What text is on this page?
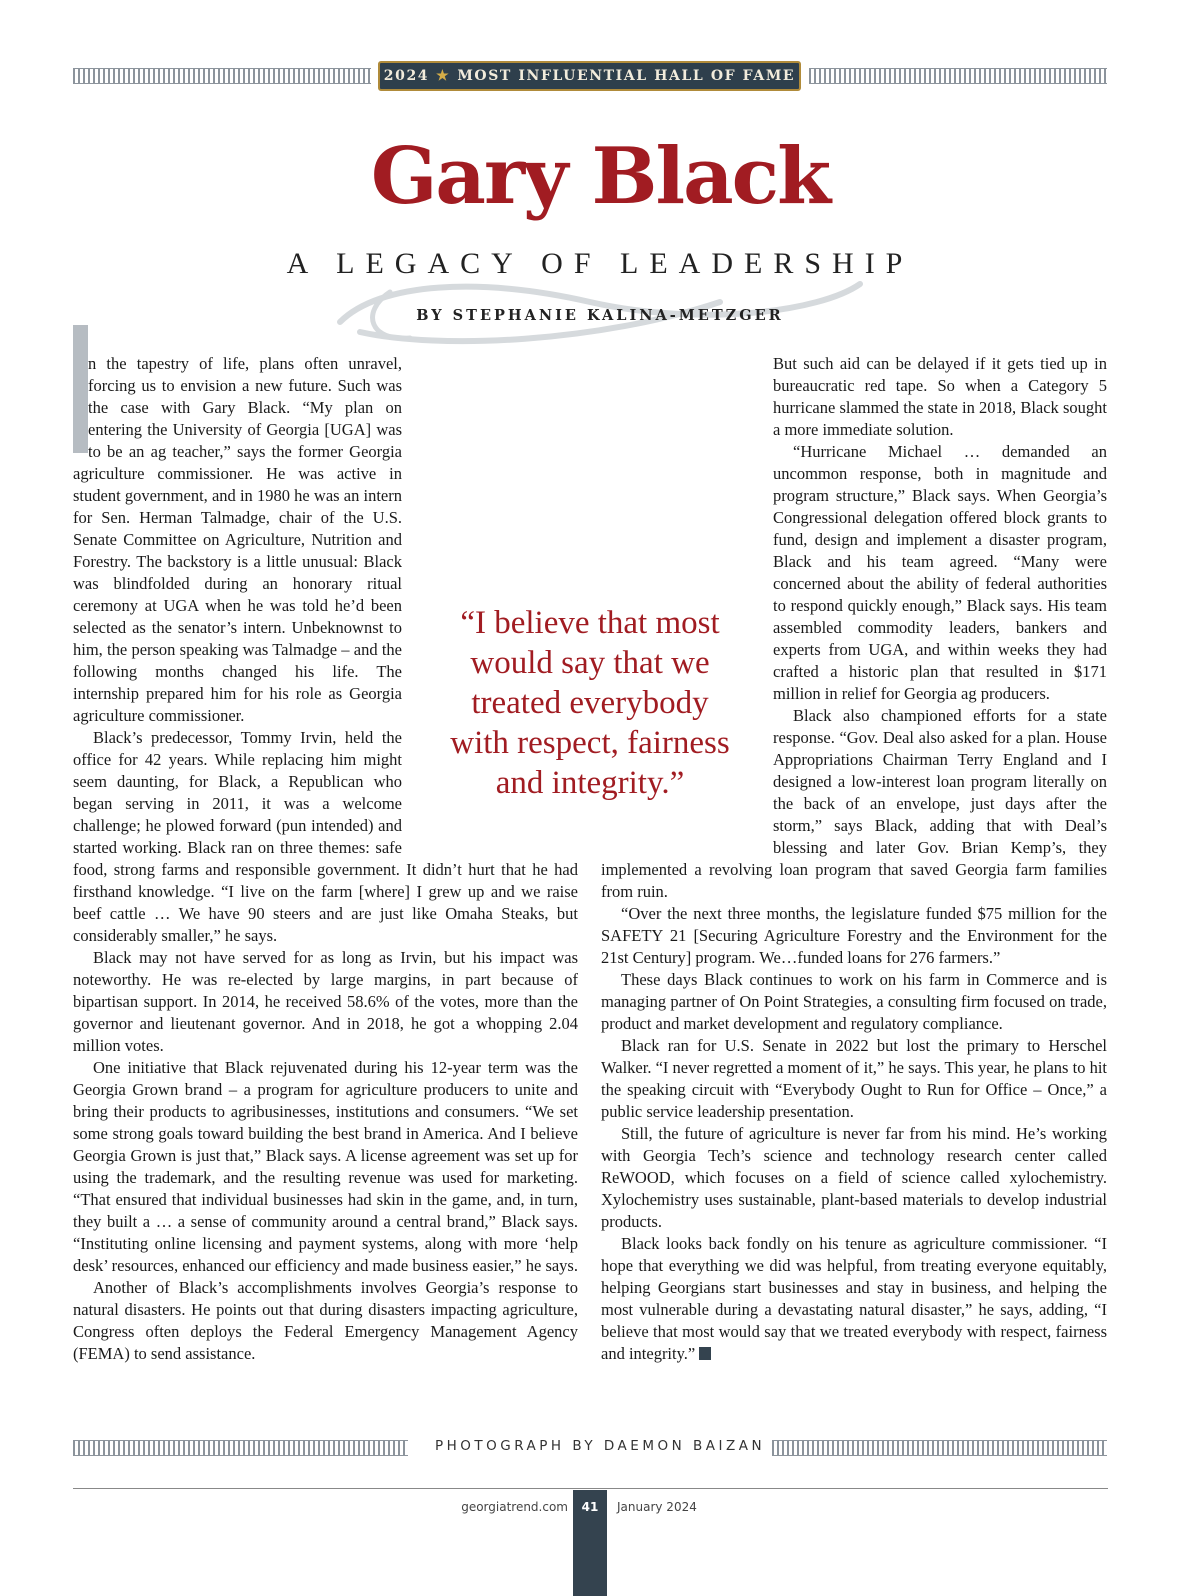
2024 ★ MOST INFLUENTIAL HALL OF FAME
Gary Black
A LEGACY OF LEADERSHIP
BY STEPHANIE KALINA-METZGER

n the tapestry of life, plans often unravel, forcing us to envision a new future. Such was the case with Gary Black. “My plan on entering the University of Georgia [UGA] was to be an ag teacher,” says the former Georgia agriculture commissioner. He was active in student government, and in 1980 he was an intern for Sen. Herman Talmadge, chair of the U.S. Senate Committee on Agriculture, Nutrition and Forestry. The backstory is a little unusual: Black was blindfolded during an honorary ritual ceremony at UGA when he was told he’d been selected as the senator’s intern. Unbeknownst to him, the person speaking was Talmadge – and the following months changed his life. The internship prepared him for his role as Georgia agriculture commissioner.

Black’s predecessor, Tommy Irvin, held the office for 42 years. While replacing him might seem daunting, for Black, a Republican who began serving in 2011, it was a welcome challenge; he plowed forward (pun intended) and started working. Black ran on three themes: safe food, strong farms and responsible government. It didn’t hurt that he had firsthand knowledge. “I live on the farm [where] I grew up and we raise beef cattle … We have 90 steers and are just like Omaha Steaks, but considerably smaller,” he says.

Black may not have served for as long as Irvin, but his impact was noteworthy. He was re-elected by large margins, in part because of bipartisan support. In 2014, he received 58.6% of the votes, more than the governor and lieutenant governor. And in 2018, he got a whopping 2.04 million votes.

One initiative that Black rejuvenated during his 12-year term was the Georgia Grown brand – a program for agriculture producers to unite and bring their products to agribusinesses, institutions and consumers. “We set some strong goals toward building the best brand in America. And I believe Georgia Grown is just that,” Black says. A license agreement was set up for using the trademark, and the resulting revenue was used for marketing. “That ensured that individual businesses had skin in the game, and, in turn, they built a … a sense of community around a central brand,” Black says. “Instituting online licensing and payment systems, along with more ‘help desk’ resources, enhanced our efficiency and made business easier,” he says.

Another of Black’s accomplishments involves Georgia’s response to natural disasters. He points out that during disasters impacting agriculture, Congress often deploys the Federal Emergency Management Agency (FEMA) to send assistance.

But such aid can be delayed if it gets tied up in bureaucratic red tape. So when a Category 5 hurricane slammed the state in 2018, Black sought a more immediate solution.

“Hurricane Michael … demanded an uncommon response, both in magnitude and program structure,” Black says. When Georgia’s Congressional delegation offered block grants to fund, design and implement a disaster program, Black and his team agreed. “Many were concerned about the ability of federal authorities to respond quickly enough,” Black says. His team assembled commodity leaders, bankers and experts from UGA, and within weeks they had crafted a historic plan that resulted in $171 million in relief for Georgia ag producers.

Black also championed efforts for a state response. “Gov. Deal also asked for a plan. House Appropriations Chairman Terry England and I designed a low-interest loan program literally on the back of an envelope, just days after the storm,” says Black, adding that with Deal’s blessing and later Gov. Brian Kemp’s, they implemented a revolving loan program that saved Georgia farm families from ruin.

“Over the next three months, the legislature funded $75 million for the SAFETY 21 [Securing Agriculture Forestry and the Environment for the 21st Century] program. We…funded loans for 276 farmers.”

These days Black continues to work on his farm in Commerce and is managing partner of On Point Strategies, a consulting firm focused on trade, product and market development and regulatory compliance.

Black ran for U.S. Senate in 2022 but lost the primary to Herschel Walker. “I never regretted a moment of it,” he says. This year, he plans to hit the speaking circuit with “Everybody Ought to Run for Office – Once,” a public service leadership presentation.

Still, the future of agriculture is never far from his mind. He’s working with Georgia Tech’s science and technology research center called ReWOOD, which focuses on a field of science called xylochemistry. Xylochemistry uses sustainable, plant-based materials to develop industrial products.

Black looks back fondly on his tenure as agriculture commissioner. “I hope that everything we did was helpful, from treating everyone equitably, helping Georgians start businesses and stay in business, and helping the most vulnerable during a devastating natural disaster,” he says, adding, “I believe that most would say that we treated everybody with respect, fairness and integrity.”

“I believe that most would say that we treated everybody with respect, fairness and integrity.”
PHOTOGRAPH BY DAEMON BAIZAN
georgiatrend.com	41	January 2024
